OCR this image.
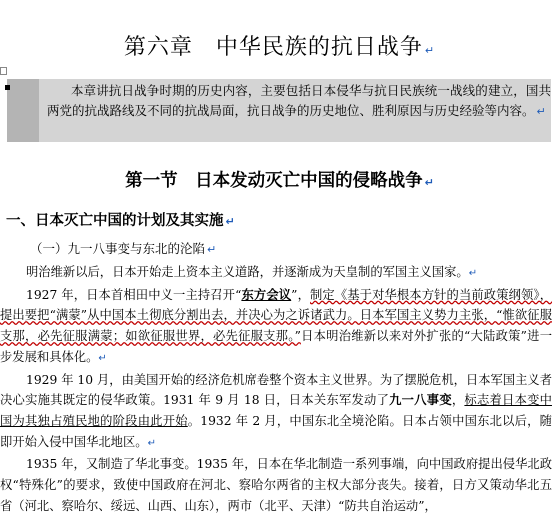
第六章　中华民族的抗日战争 ↵
本章讲抗日战争时期的历史内容，主要包括日本侵华与抗日民族统一战线的建立，国共两党的抗战路线及不同的抗战局面，抗日战争的历史地位、胜利原因与历史经验等内容。 ↵
第一节　日本发动灭亡中国的侵略战争 ↵
一、日本灭亡中国的计划及其实施 ↵
（一）九一八事变与东北的沦陷 ↵

明治维新以后，日本开始走上资本主义道路，并逐渐成为天皇制的军国主义国家。↵

1927 年，日本首相田中义一主持召开“东方会议”，制定《基于对华根本方针的当前政策纲领》，提出要把“满蒙”从中国本土彻底分割出去，并决心为之诉诸武力。日本军国主义势力主张，“惟欲征服支那，必先征服满蒙；如欲征服世界，必先征服支那。”日本明治维新以来对外扩张的“大陆政策”进一步发展和具体化。↵

1929 年 10 月，由美国开始的经济危机席卷整个资本主义世界。为了摆脱危机，日本军国主义者决心实施其既定的侵华政策。1931 年 9 月 18 日，日本关东军发动了九一八事变，标志着日本变中国为其独占殖民地的阶段由此开始。1932 年 2 月，中国东北全境沦陷。日本占领中国东北以后，随即开始入侵中国华北地区。↵

1935 年，又制造了华北事变。1935 年，日本在华北制造一系列事端，向中国政府提出侵华北政权“特殊化”的要求，致使中国政府在河北、察哈尔两省的主权大部分丧失。接着，日方又策动华北五省（河北、察哈尔、绥远、山西、山东），两市（北平、天津）“防共自治运动”，
